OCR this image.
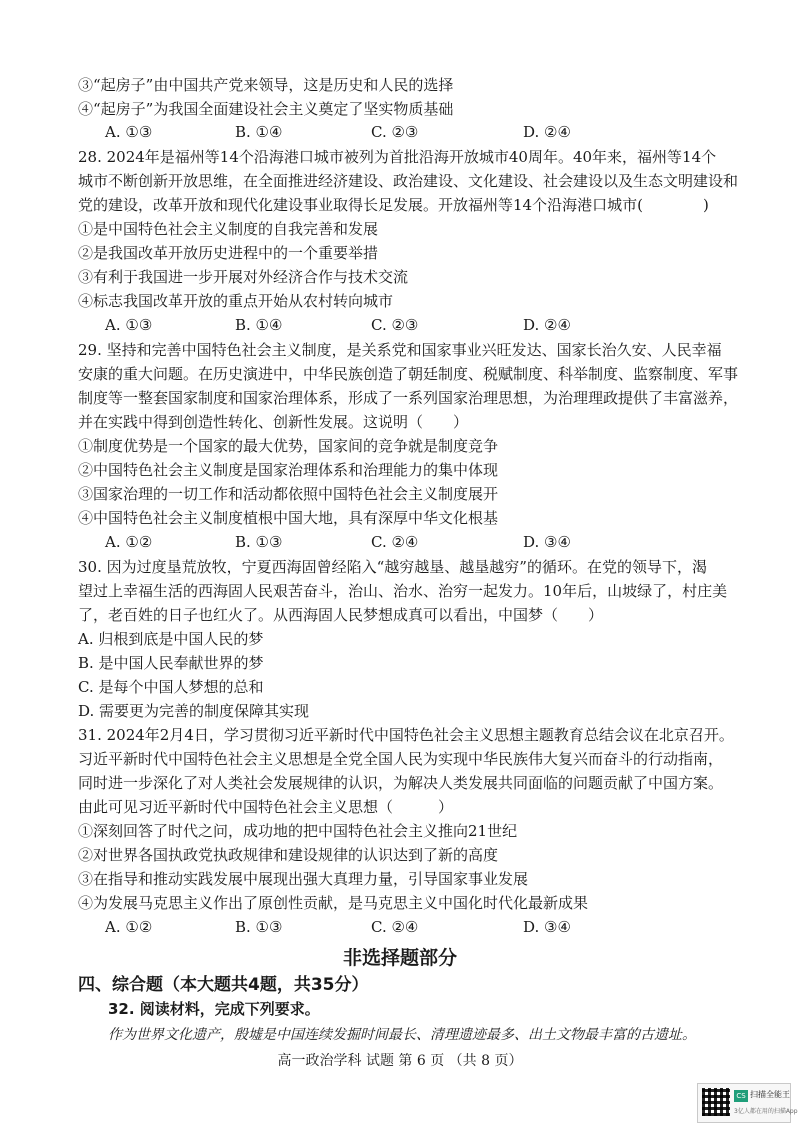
③“起房子”由中国共产党来领导，这是历史和人民的选择
④“起房子”为我国全面建设社会主义奠定了坚实物质基础
A. ①③	B. ①④	C. ②③	D. ②④
28. 2024年是福州等14个沿海港口城市被列为首批沿海开放城市40周年。40年来，福州等14个
城市不断创新开放思维，在全面推进经济建设、政治建设、文化建设、社会建设以及生态文明建设和
党的建设，改革开放和现代化建设事业取得长足发展。开放福州等14个沿海港口城市(　　　　)
①是中国特色社会主义制度的自我完善和发展
②是我国改革开放历史进程中的一个重要举措
③有利于我国进一步开展对外经济合作与技术交流
④标志我国改革开放的重点开始从农村转向城市
A. ①③	B. ①④	C. ②③	D. ②④
29. 坚持和完善中国特色社会主义制度，是关系党和国家事业兴旺发达、国家长治久安、人民幸福
安康的重大问题。在历史演进中，中华民族创造了朝廷制度、税赋制度、科举制度、监察制度、军事
制度等一整套国家制度和国家治理体系，形成了一系列国家治理思想，为治理理政提供了丰富滋养，
并在实践中得到创造性转化、创新性发展。这说明（　　）
①制度优势是一个国家的最大优势，国家间的竞争就是制度竞争
②中国特色社会主义制度是国家治理体系和治理能力的集中体现
③国家治理的一切工作和活动都依照中国特色社会主义制度展开
④中国特色社会主义制度植根中国大地，具有深厚中华文化根基
A. ①②	B. ①③	C. ②④	D. ③④
30. 因为过度垦荒放牧，宁夏西海固曾经陷入“越穷越垦、越垦越穷”的循环。在党的领导下，渴
望过上幸福生活的西海固人民艰苦奋斗，治山、治水、治穷一起发力。10年后，山坡绿了，村庄美
了，老百姓的日子也红火了。从西海固人民梦想成真可以看出，中国梦（　　）
A. 归根到底是中国人民的梦
B. 是中国人民奉献世界的梦
C. 是每个中国人梦想的总和
D. 需要更为完善的制度保障其实现
31. 2024年2月4日，学习贯彻习近平新时代中国特色社会主义思想主题教育总结会议在北京召开。
习近平新时代中国特色社会主义思想是全党全国人民为实现中华民族伟大复兴而奋斗的行动指南，
同时进一步深化了对人类社会发展规律的认识，为解决人类发展共同面临的问题贡献了中国方案。
由此可见习近平新时代中国特色社会主义思想（　　　）
①深刻回答了时代之问，成功地的把中国特色社会主义推向21世纪
②对世界各国执政党执政规律和建设规律的认识达到了新的高度
③在指导和推动实践发展中展现出强大真理力量，引导国家事业发展
④为发展马克思主义作出了原创性贡献，是马克思主义中国化时代化最新成果
A. ①②	B. ①③	C. ②④	D. ③④
非选择题部分
四、综合题（本大题共4题，共35分）
32. 阅读材料，完成下列要求。
作为世界文化遗产，殷墟是中国连续发掘时间最长、清理遗迹最多、出土文物最丰富的古遗址。
高一政治学科 试题 第 6 页 （共 8 页）
CS 扫描全能王
3亿人都在用的扫描App
